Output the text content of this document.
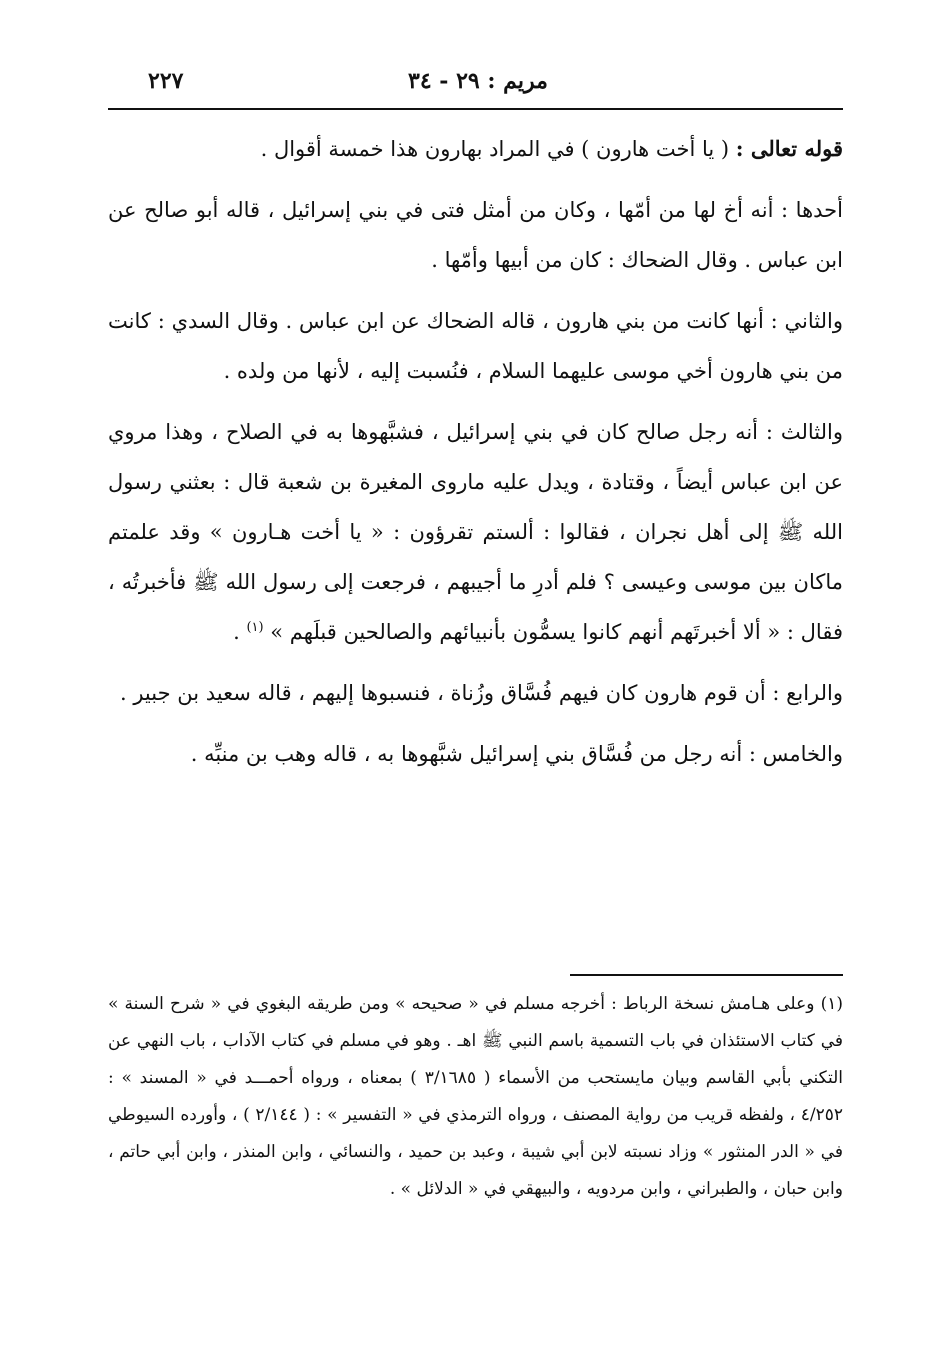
٢٢٧	مريم : ٢٩ - ٣٤

قوله تعالى : ( يا أخت هارون ) في المراد بهارون هذا خمسة أقوال .

أحدها : أنه أخ لها من أمّها ، وكان من أمثل فتى في بني إسرائيل ، قاله أبو صالح عن ابن عباس . وقال الضحاك : كان من أبيها وأمّها .

والثاني : أنها كانت من بني هارون ، قاله الضحاك عن ابن عباس . وقال السدي : كانت من بني هارون أخي موسى عليهما السلام ، فنُسبت إليه ، لأنها من ولده .

والثالث : أنه رجل صالح كان في بني إسرائيل ، فشبَّهوها به في الصلاح ، وهذا مروي عن ابن عباس أيضاً ، وقتادة ، ويدل عليه ماروى المغيرة بن شعبة قال : بعثني رسول الله ﷺ إلى أهل نجران ، فقالوا : ألستم تقرؤون : « يا أخت هـارون » وقد علمتم ماكان بين موسى وعيسى ؟ فلم أدرِ ما أجيبهم ، فرجعت إلى رسول الله ﷺ فأخبرتُه ، فقال : « ألا أخبرتَهم أنهم كانوا يسمُّون بأنبيائهم والصالحين قبلَهم » $^{(١)}$ .

والرابع : أن قوم هارون كان فيهم فُسَّاق وزُناة ، فنسبوها إليهم ، قاله سعيد بن جبير .

والخامس : أنه رجل من فُسَّاق بني إسرائيل شبَّهوها به ، قاله وهب بن منبِّه .

(١) وعلى هـامش نسخة الرباط : أخرجه مسلم في « صحيحه » ومن طريقه البغوي في « شرح السنة » في كتاب الاستئذان في باب التسمية باسم النبي ﷺ اهـ . وهو في مسلم في كتاب الآداب ، باب النهي عن التكني بأبي القاسم وبيان مايستحب من الأسماء ( ٣/١٦٨٥ ) بمعناه ، ورواه أحمـــد في « المسند » : ٤/٢٥٢ ، ولفظه قريب من رواية المصنف ، ورواه الترمذي في « التفسير » : ( ٢/١٤٤ ) ، وأورده السيوطي في « الدر المنثور » وزاد نسبته لابن أبي شيبة ، وعبد بن حميد ، والنسائي ، وابن المنذر ، وابن أبي حاتم ، وابن حبان ، والطبراني ، وابن مردويه ، والبيهقي في « الدلائل » .
